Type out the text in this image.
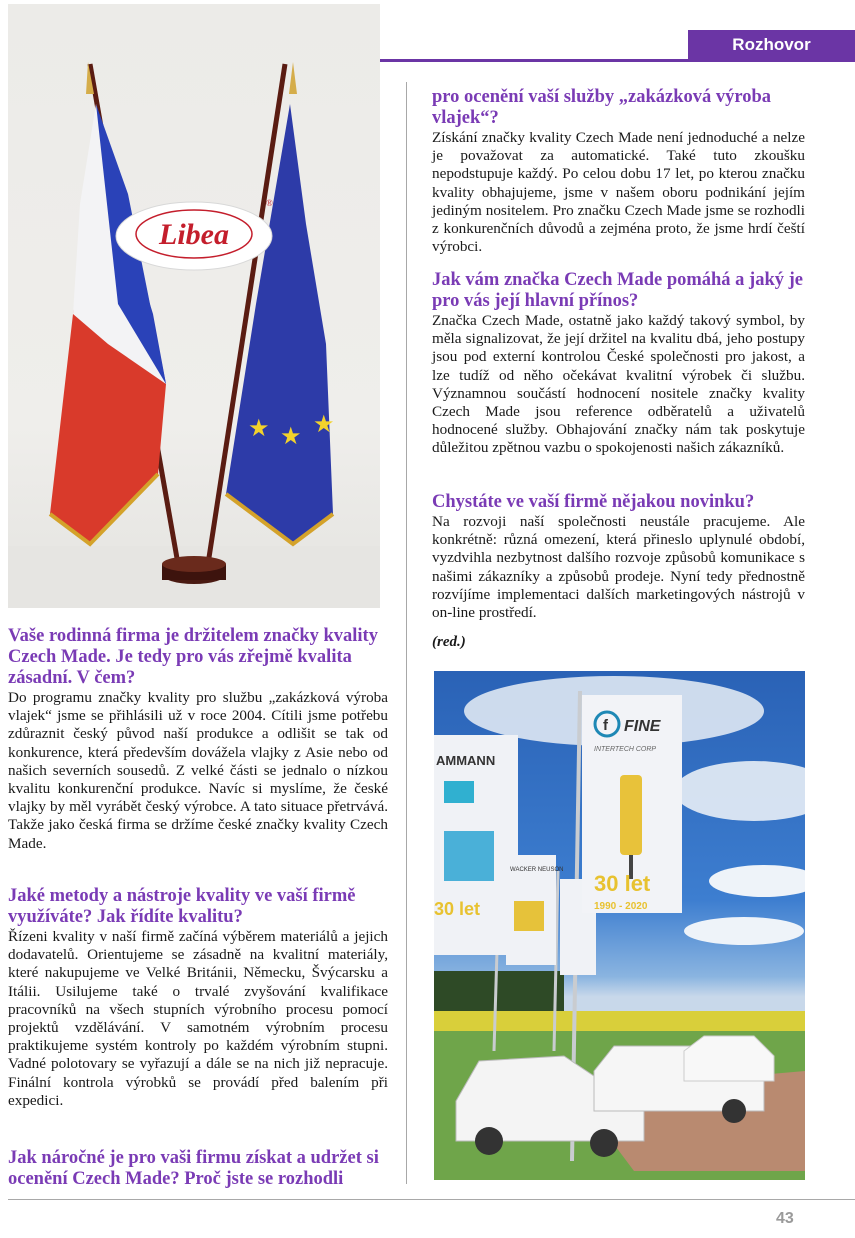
Rozhovor
★ ★ ★
Libea
®
Vaše rodinná firma je držitelem značky kvality Czech Made. Je tedy pro vás zřejmě kvalita zásadní. V čem?

Do programu značky kvality pro službu „zakázková výroba vlajek“ jsme se přihlásili už v roce 2004. Cítili jsme potřebu zdůraznit český původ naší produkce a odlišit se tak od konkurence, která především dovážela vlajky z Asie nebo od našich severních sousedů. Z velké části se jednalo o nízkou kvalitu konkurenční produkce. Navíc si myslíme, že české vlajky by měl vyrábět český výrobce. A tato situace přetrvává. Takže jako česká firma se držíme české značky kvality Czech Made.

Jaké metody a nástroje kvality ve vaší firmě využíváte? Jak řídíte kvalitu?

Řízeni kvality v naší firmě začíná výběrem materiálů a jejich dodavatelů. Orientujeme se zásadně na kvalitní materiály, které nakupujeme ve Velké Británii, Německu, Švýcarsku a Itálii. Usilujeme také o trvalé zvyšování kvalifikace pracovníků na všech stupních výrobního procesu pomocí projektů vzdělávání. V samotném výrobním procesu praktikujeme systém kontroly po každém výrobním stupni. Vadné polotovary se vyřazují a dále se na nich již nepracuje. Finální kontrola výrobků se provádí před balením při expedici.

Jak náročné je pro vaši firmu získat a udržet si ocenění Czech Made? Proč jste se rozhodli
pro ocenění vaší služby „zakázková výroba vlajek“?

Získání značky kvality Czech Made není jednoduché a nelze je považovat za automatické. Také tuto zkoušku nepodstupuje každý. Po celou dobu 17 let, po kterou značku kvality obhajujeme, jsme v našem oboru podnikání jejím jediným nositelem. Pro značku Czech Made jsme se rozhodli z konkurenčních důvodů a zejména proto, že jsme hrdí čeští výrobci.

Jak vám značka Czech Made pomáhá a jaký je pro vás její hlavní přínos?

Značka Czech Made, ostatně jako každý takový symbol, by měla signalizovat, že její držitel na kvalitu dbá, jeho postupy jsou pod externí kontrolou České společnosti pro jakost, a lze tudíž od něho očekávat kvalitní výrobek či službu. Významnou součástí hodnocení nositele značky kvality Czech Made jsou reference odběratelů a uživatelů hodnocené služby. Obhajování značky nám tak poskytuje důležitou zpětnou vazbu o spokojenosti našich zákazníků.

Chystáte ve vaší firmě nějakou novinku?

Na rozvoji naší společnosti neustále pracujeme. Ale konkrétně: různá omezení, která přineslo uplynulé období, vyzdvihla nezbytnost dalšího rozvoje způsobů komunikace s našimi zákazníky a způsobů prodeje. Nyní tedy přednostně rozvíjíme implementaci dalších marketingových nástrojů v on-line prostředí.

(red.)
AMMANN
30 let
WACKER NEUSON
f FINE
INTERTECH CORP
30 let
1990 - 2020
43
